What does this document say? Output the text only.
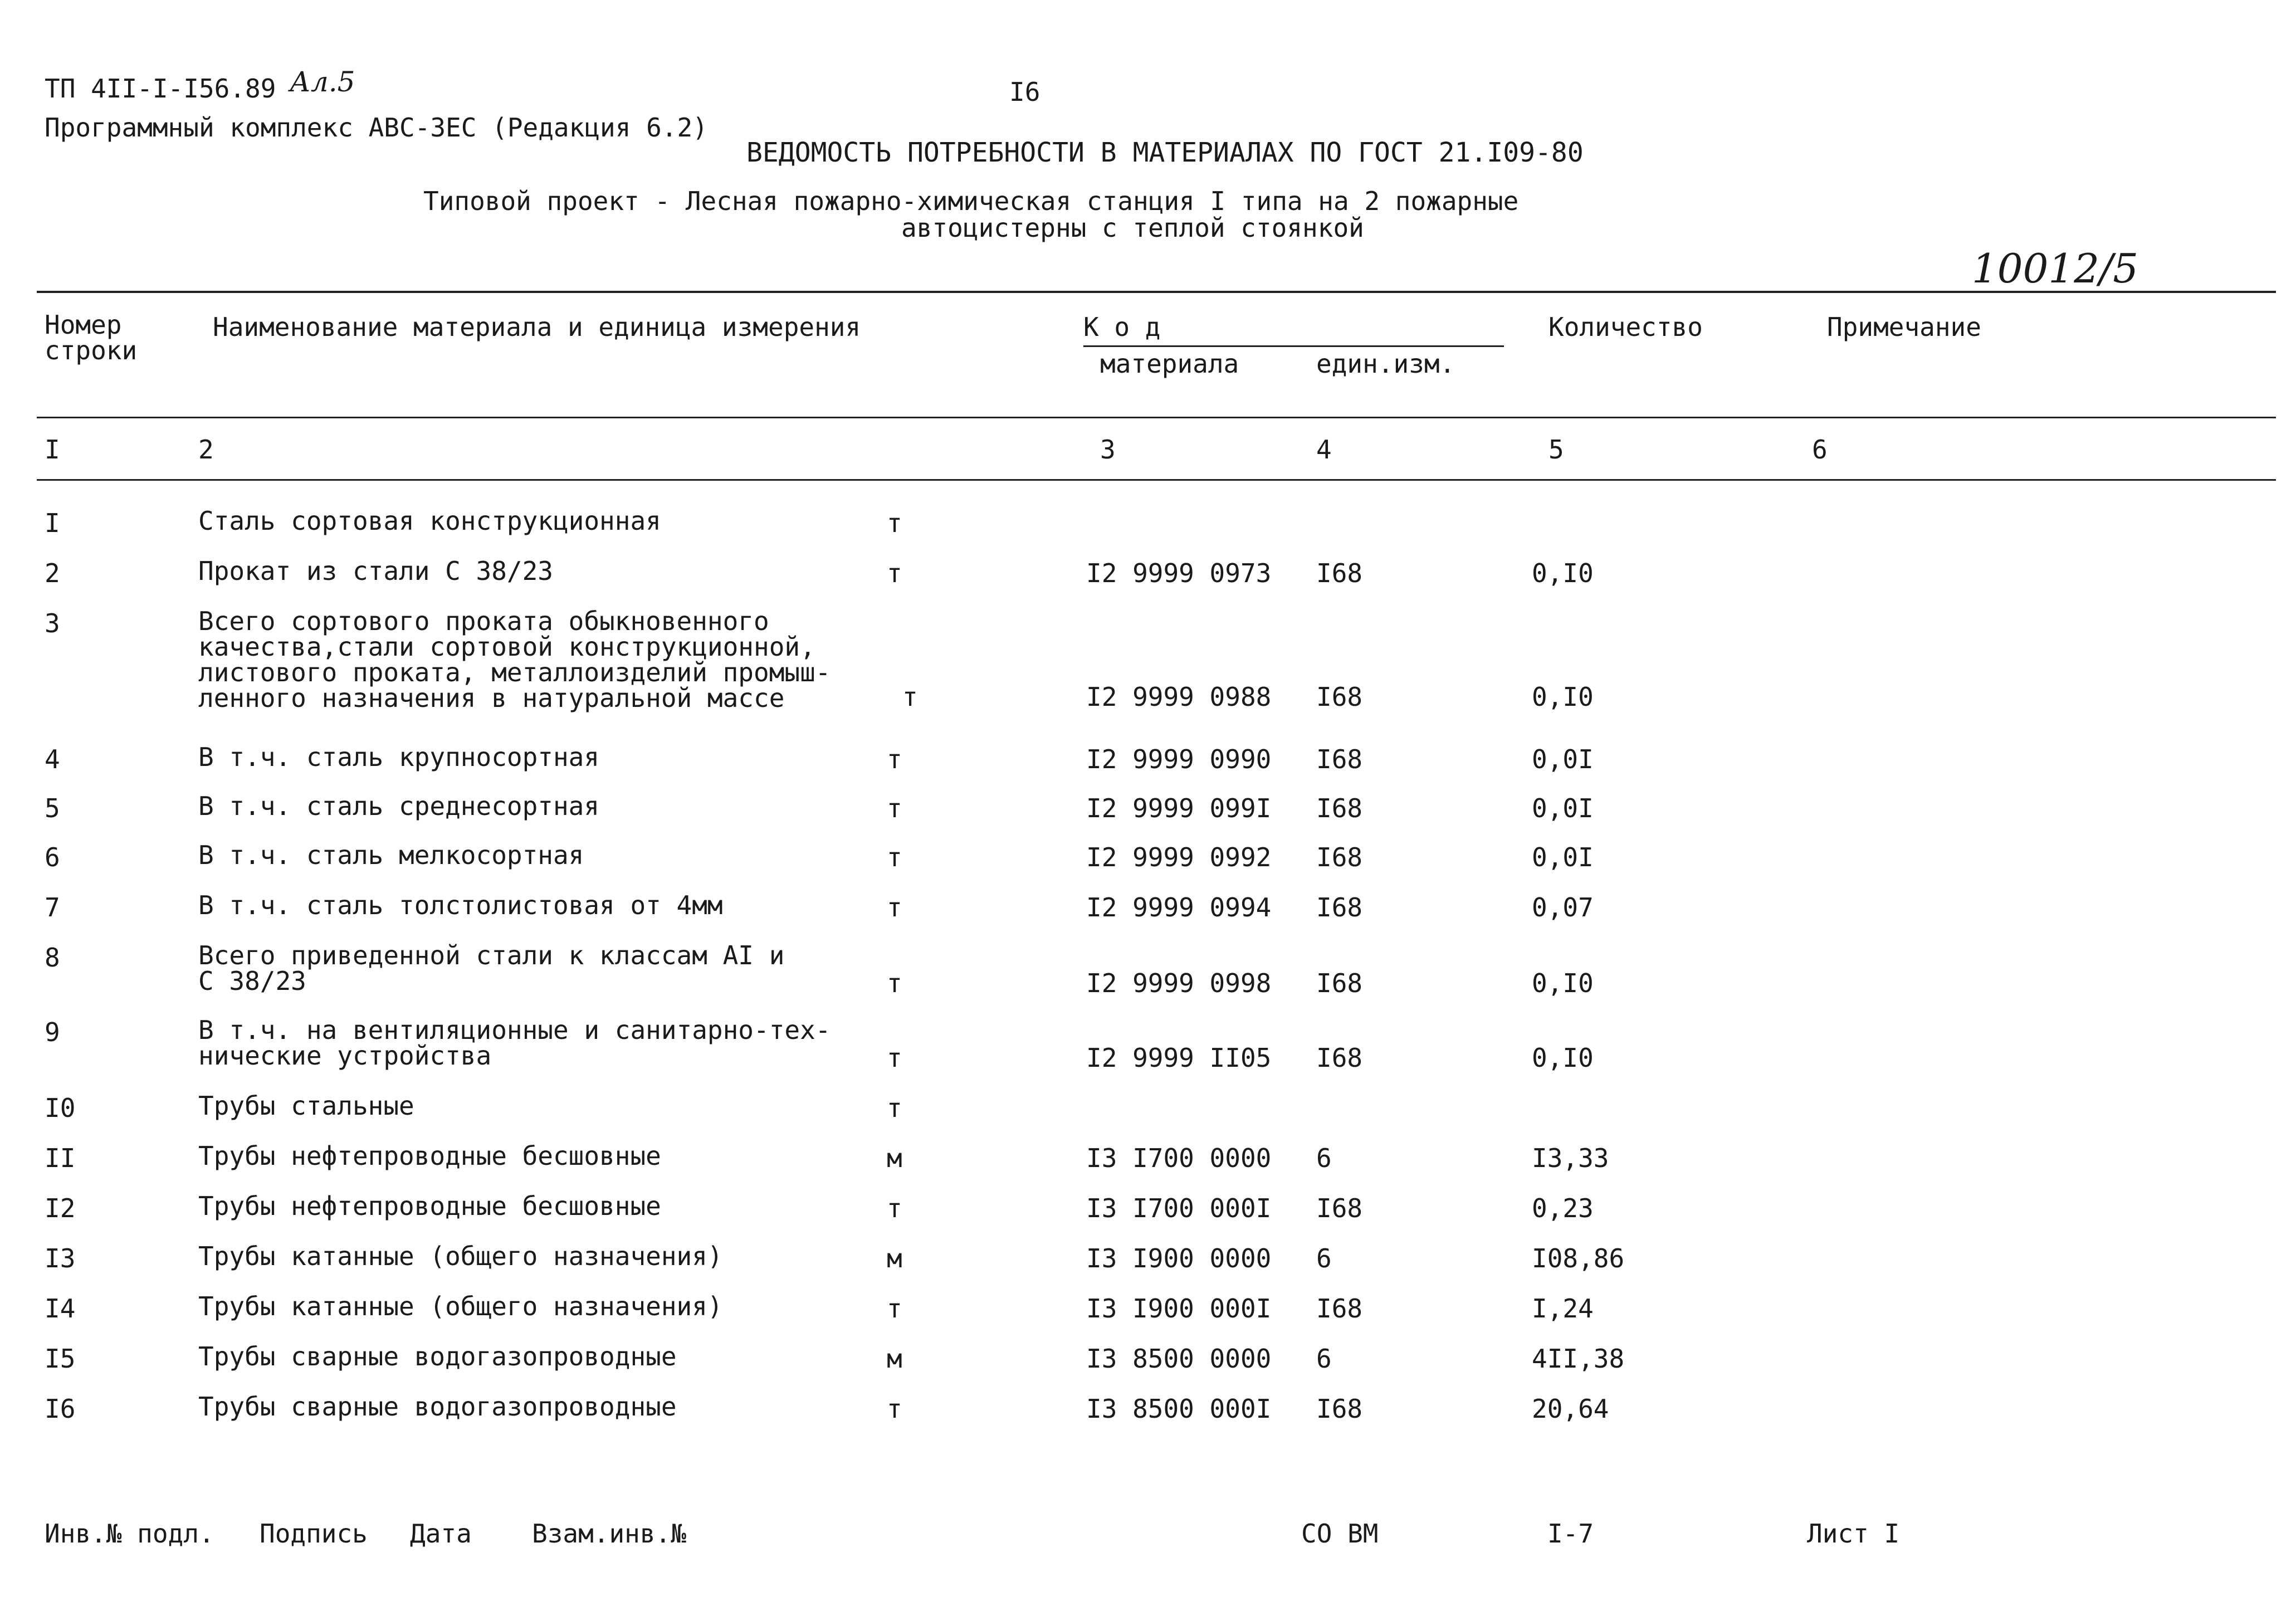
ТП 4II-I-I56.89 Ал.5
Программный комплекс АВС-ЗЕС (Редакция 6.2)
I6
ВЕДОМОСТЬ ПОТРЕБНОСТИ В МАТЕРИАЛАХ ПО ГОСТ 21.I09-80
Типовой проект - Лесная пожарно-химическая станция I типа на 2 пожарные
автоцистерны с теплой стоянкой
10012/5
Номер
строки
Наименование материала и единица измерения	К о д
материала	един.изм.
Количество	Примечание
I	2	3	4	5	6
I	Сталь сортовая конструкционная	т
2	Прокат из стали С 38/23	т	I2 9999 0973 I68	0,I0
3	Всего сортового проката обыкновенного
качества,стали сортовой конструкционной,
листового проката, металлоизделий промыш-
ленного назначения в натуральной массе	т	I2 9999 0988 I68	0,I0
4	В т.ч. сталь крупносортная	т	I2 9999 0990 I68	0,0I
5	В т.ч. сталь среднесортная	т	I2 9999 099I I68	0,0I
6	В т.ч. сталь мелкосортная	т	I2 9999 0992 I68	0,0I
7	В т.ч. сталь толстолистовая от 4мм	т	I2 9999 0994 I68	0,07
8	Всего приведенной стали к классам АI и
С 38/23	т	I2 9999 0998 I68	0,I0
9	В т.ч. на вентиляционные и санитарно-тех-
нические устройства	т	I2 9999 II05 I68	0,I0
I0	Трубы стальные	т
II	Трубы нефтепроводные бесшовные	м	I3 I700 0000 6	I3,33
I2	Трубы нефтепроводные бесшовные	т	I3 I700 000I I68	0,23
I3	Трубы катанные (общего назначения)	м	I3 I900 0000 6	I08,86
I4	Трубы катанные (общего назначения)	т	I3 I900 000I I68	I,24
I5	Трубы сварные водогазопроводные	м	I3 8500 0000 6	4II,38
I6	Трубы сварные водогазопроводные	т	I3 8500 000I I68	20,64
Инв.№ подл. Подпись Дата Взам.инв.№	СО ВМ	I-7	Лист I
